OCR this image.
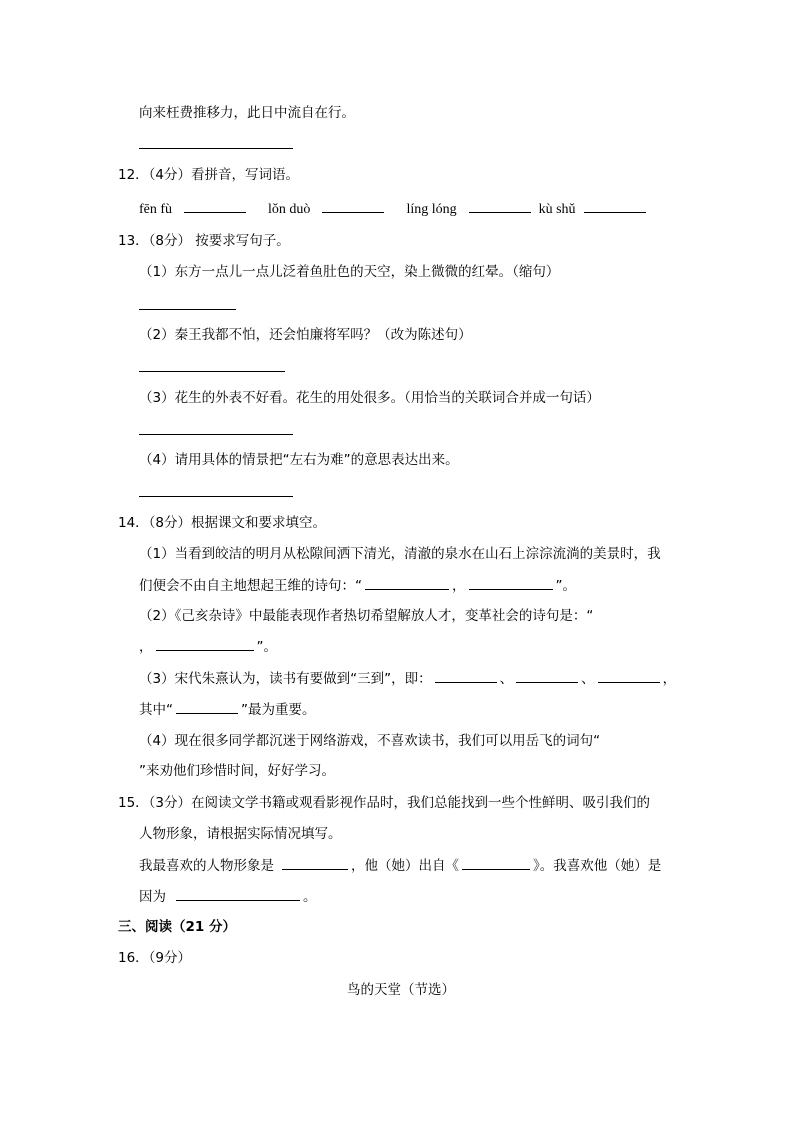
向来枉费推移力，此日中流自在行。
12．（4分）看拼音，写词语。
fēn fù	lǒn duò	líng lóng	kù shǔ
13．（8分） 按要求写句子。
（1）东方一点儿一点儿泛着鱼肚色的天空，染上微微的红晕。（缩句）
（2）秦王我都不怕，还会怕廉将军吗？（改为陈述句）
（3）花生的外表不好看。花生的用处很多。（用恰当的关联词合并成一句话）
（4）请用具体的情景把“左右为难”的意思表达出来。
14．（8分）根据课文和要求填空。
（1）当看到皎洁的明月从松隙间洒下清光，清澈的泉水在山石上淙淙流淌的美景时，我
们便会不由自主地想起王维的诗句：“	，	”。
（2）《己亥杂诗》中最能表现作者热切希望解放人才，变革社会的诗句是：“
，	”。
（3）宋代朱熹认为，读书有要做到“三到”，即：	、	、	，
其中“	”最为重要。
（4）现在很多同学都沉迷于网络游戏，不喜欢读书，我们可以用岳飞的词句“
”来劝他们珍惜时间，好好学习。
15．（3分）在阅读文学书籍或观看影视作品时，我们总能找到一些个性鲜明、吸引我们的
人物形象，请根据实际情况填写。
我最喜欢的人物形象是	，他（她）出自《	》。我喜欢他（她）是
因为	。
三、阅读（21 分）
16．（9分）
鸟的天堂（节选）
